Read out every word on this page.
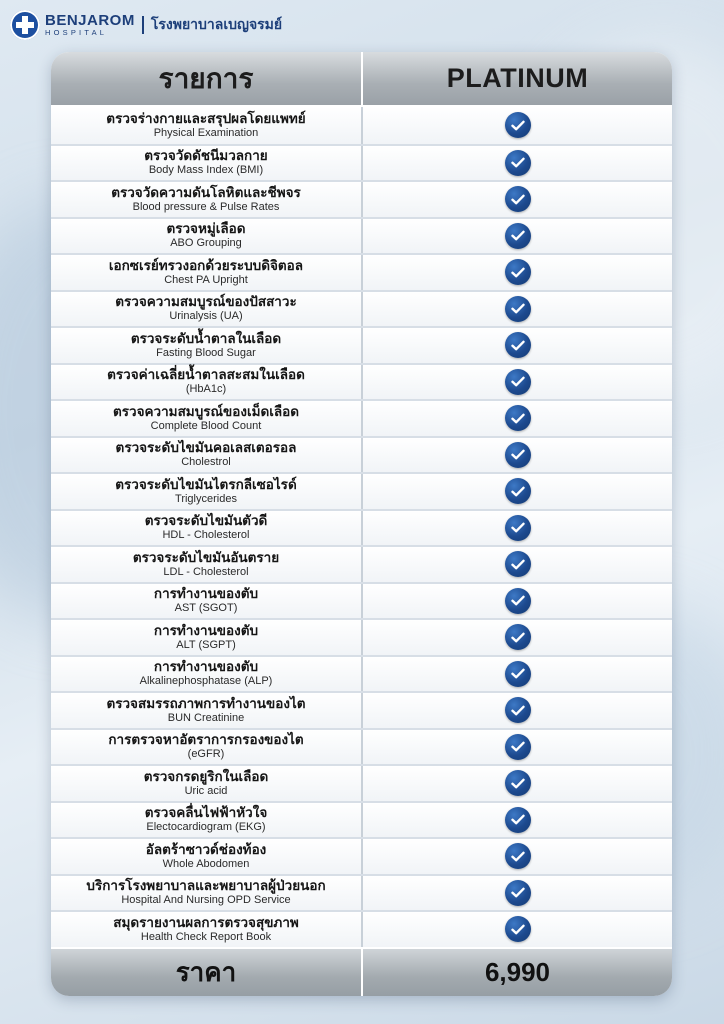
BENJAROM
HOSPITAL	โรงพยาบาลเบญจรมย์
รายการ	PLATINUM
ตรวจร่างกายและสรุปผลโดยแพทย์
Physical Examination
ตรวจวัดดัชนีมวลกาย
Body Mass Index (BMI)
ตรวจวัดความดันโลหิตและชีพจร
Blood pressure & Pulse Rates
ตรวจหมู่เลือด
ABO Grouping
เอกซเรย์ทรวงอกด้วยระบบดิจิตอล
Chest PA Upright
ตรวจความสมบูรณ์ของปัสสาวะ
Urinalysis (UA)
ตรวจระดับน้ำตาลในเลือด
Fasting Blood Sugar
ตรวจค่าเฉลี่ยน้ำตาลสะสมในเลือด
(HbA1c)
ตรวจความสมบูรณ์ของเม็ดเลือด
Complete Blood Count
ตรวจระดับไขมันคอเลสเตอรอล
Cholestrol
ตรวจระดับไขมันไตรกลีเซอไรด์
Triglycerides
ตรวจระดับไขมันตัวดี
HDL - Cholesterol
ตรวจระดับไขมันอันตราย
LDL - Cholesterol
การทำงานของตับ
AST (SGOT)
การทำงานของตับ
ALT (SGPT)
การทำงานของตับ
Alkalinephosphatase (ALP)
ตรวจสมรรถภาพการทำงานของไต
BUN Creatinine
การตรวจหาอัตราการกรองของไต
(eGFR)
ตรวจกรดยูริกในเลือด
Uric acid
ตรวจคลื่นไฟฟ้าหัวใจ
Electocardiogram (EKG)
อัลตร้าซาวด์ช่องท้อง
Whole Abodomen
บริการโรงพยาบาลและพยาบาลผู้ป่วยนอก
Hospital And Nursing OPD Service
สมุดรายงานผลการตรวจสุขภาพ
Health Check Report Book
ราคา	6,990
